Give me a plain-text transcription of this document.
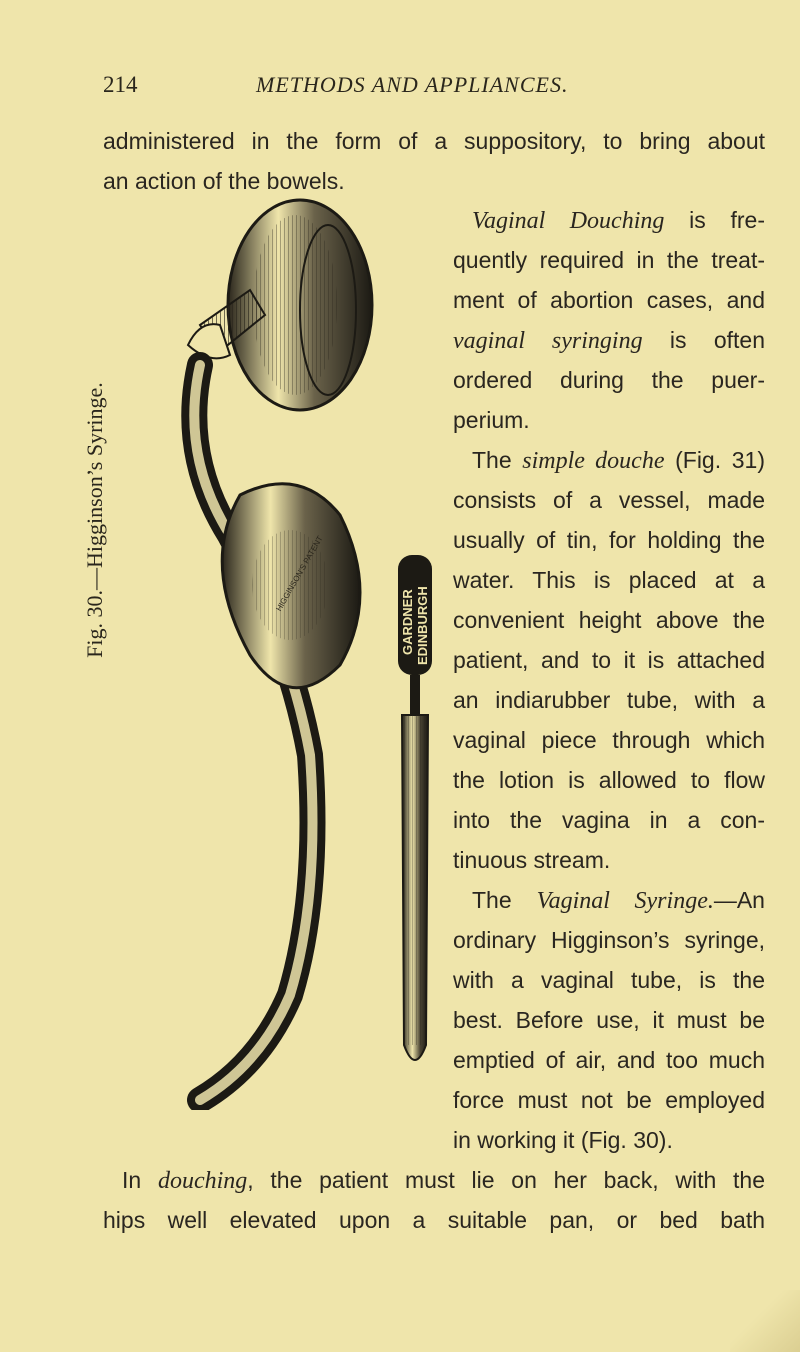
214	METHODS AND APPLIANCES.
administered in the form of a suppository, to bring about
an action of the bowels.
Vaginal Douching is fre-
quently required in the treat-
ment of abortion cases, and
vaginal syringing is often
ordered during the puer-
perium.
The simple douche (Fig. 31)
consists of a vessel, made
usually of tin, for holding the
water. This is placed at a
convenient height above the
patient, and to it is attached
an indiarubber tube, with a
vaginal piece through which
the lotion is allowed to flow
into the vagina in a con-
tinuous stream.
The Vaginal Syringe.—An
ordinary Higginson’s syringe,
with a vaginal tube, is the
best. Before use, it must be
emptied of air, and too much
force must not be employed
in working it (Fig. 30).
In douching, the patient must lie on her back, with the
hips well elevated upon a suitable pan, or bed bath
Fig. 30.—Higginson’s Syringe.	HIGGINSON'S PATENT
GARDNER EDINBURGH
